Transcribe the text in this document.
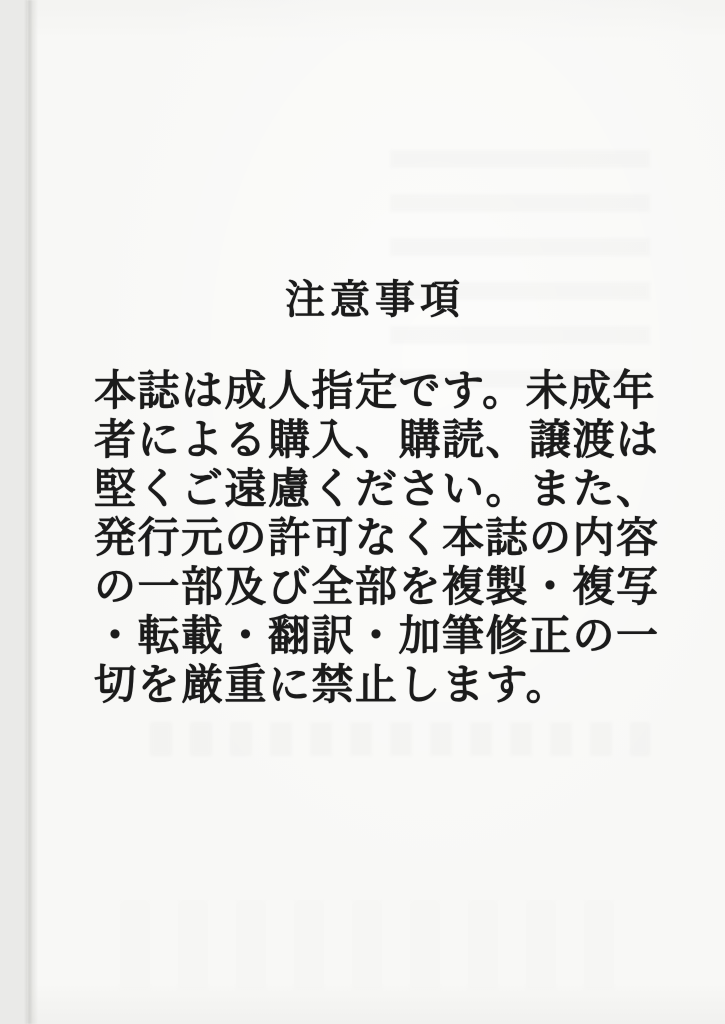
注意事項
本誌は成人指定です。未成年
者による購入、購読、譲渡は
堅くご遠慮ください。また、
発行元の許可なく本誌の内容
の一部及び全部を複製・複写
・転載・翻訳・加筆修正の一
切を厳重に禁止します。
